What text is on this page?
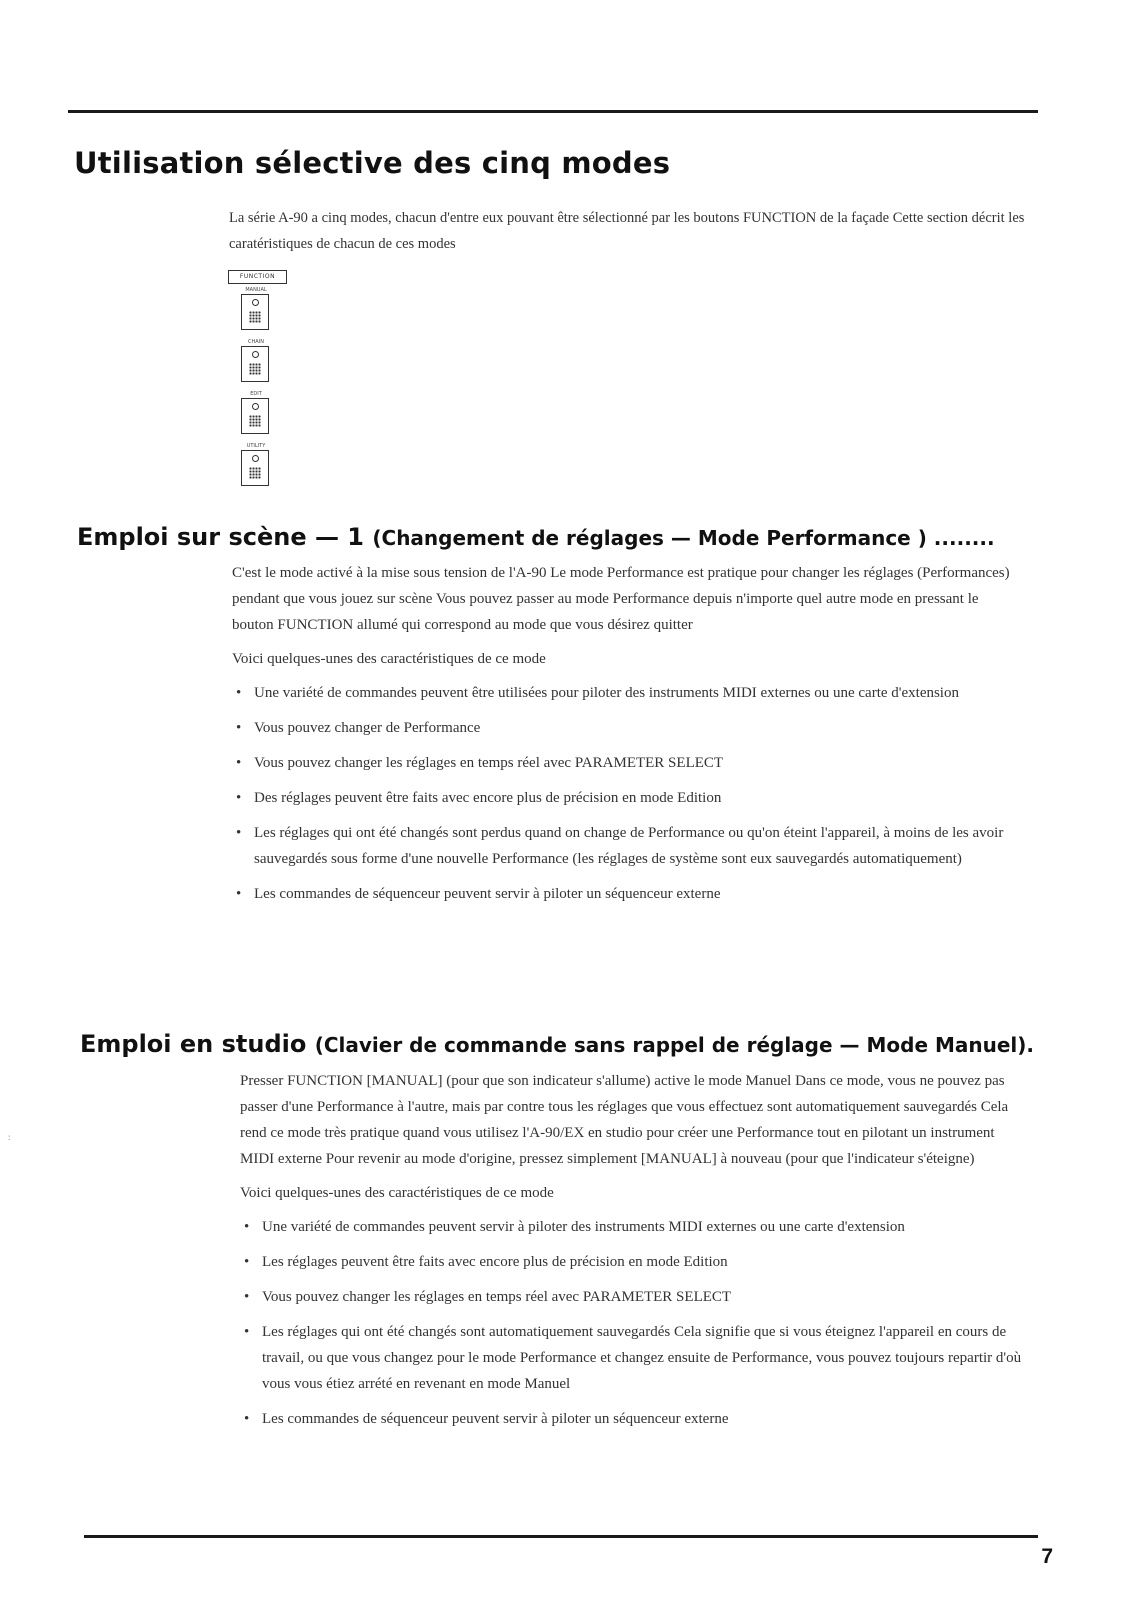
Utilisation sélective des cinq modes
La série A-90 a cinq modes, chacun d'entre eux pouvant être sélectionné par les boutons FUNCTION de la façade Cette section décrit les caratéristiques de chacun de ces modes
FUNCTION
MANUAL
CHAIN
EDIT
UTILITY
Emploi sur scène — 1 (Changement de réglages — Mode Performance ) ........

C'est le mode activé à la mise sous tension de l'A-90 Le mode Performance est pratique pour changer les réglages (Performances) pendant que vous jouez sur scène Vous pouvez passer au mode Performance depuis n'importe quel autre mode en pressant le bouton FUNCTION allumé qui correspond au mode que vous désirez quitter

Voici quelques-unes des caractéristiques de ce mode

• Une variété de commandes peuvent être utilisées pour piloter des instruments MIDI externes ou une carte d'extension
• Vous pouvez changer de Performance
• Vous pouvez changer les réglages en temps réel avec PARAMETER SELECT
• Des réglages peuvent être faits avec encore plus de précision en mode Edition
• Les réglages qui ont été changés sont perdus quand on change de Performance ou qu'on éteint l'appareil, à moins de les avoir sauvegardés sous forme d'une nouvelle Performance (les réglages de système sont eux sauvegardés automatiquement)
• Les commandes de séquenceur peuvent servir à piloter un séquenceur externe
Emploi en studio (Clavier de commande sans rappel de réglage — Mode Manuel).
:

Presser FUNCTION [MANUAL] (pour que son indicateur s'allume) active le mode Manuel Dans ce mode, vous ne pouvez pas passer d'une Performance à l'autre, mais par contre tous les réglages que vous effectuez sont automatiquement sauvegardés Cela rend ce mode très pratique quand vous utilisez l'A-90/EX en studio pour créer une Performance tout en pilotant un instrument MIDI externe Pour revenir au mode d'origine, pressez simplement [MANUAL] à nouveau (pour que l'indicateur s'éteigne)

Voici quelques-unes des caractéristiques de ce mode

• Une variété de commandes peuvent servir à piloter des instruments MIDI externes ou une carte d'extension
• Les réglages peuvent être faits avec encore plus de précision en mode Edition
• Vous pouvez changer les réglages en temps réel avec PARAMETER SELECT
• Les réglages qui ont été changés sont automatiquement sauvegardés Cela signifie que si vous éteignez l'appareil en cours de travail, ou que vous changez pour le mode Performance et changez ensuite de Performance, vous pouvez toujours repartir d'où vous vous étiez arrété en revenant en mode Manuel
• Les commandes de séquenceur peuvent servir à piloter un séquenceur externe
7
